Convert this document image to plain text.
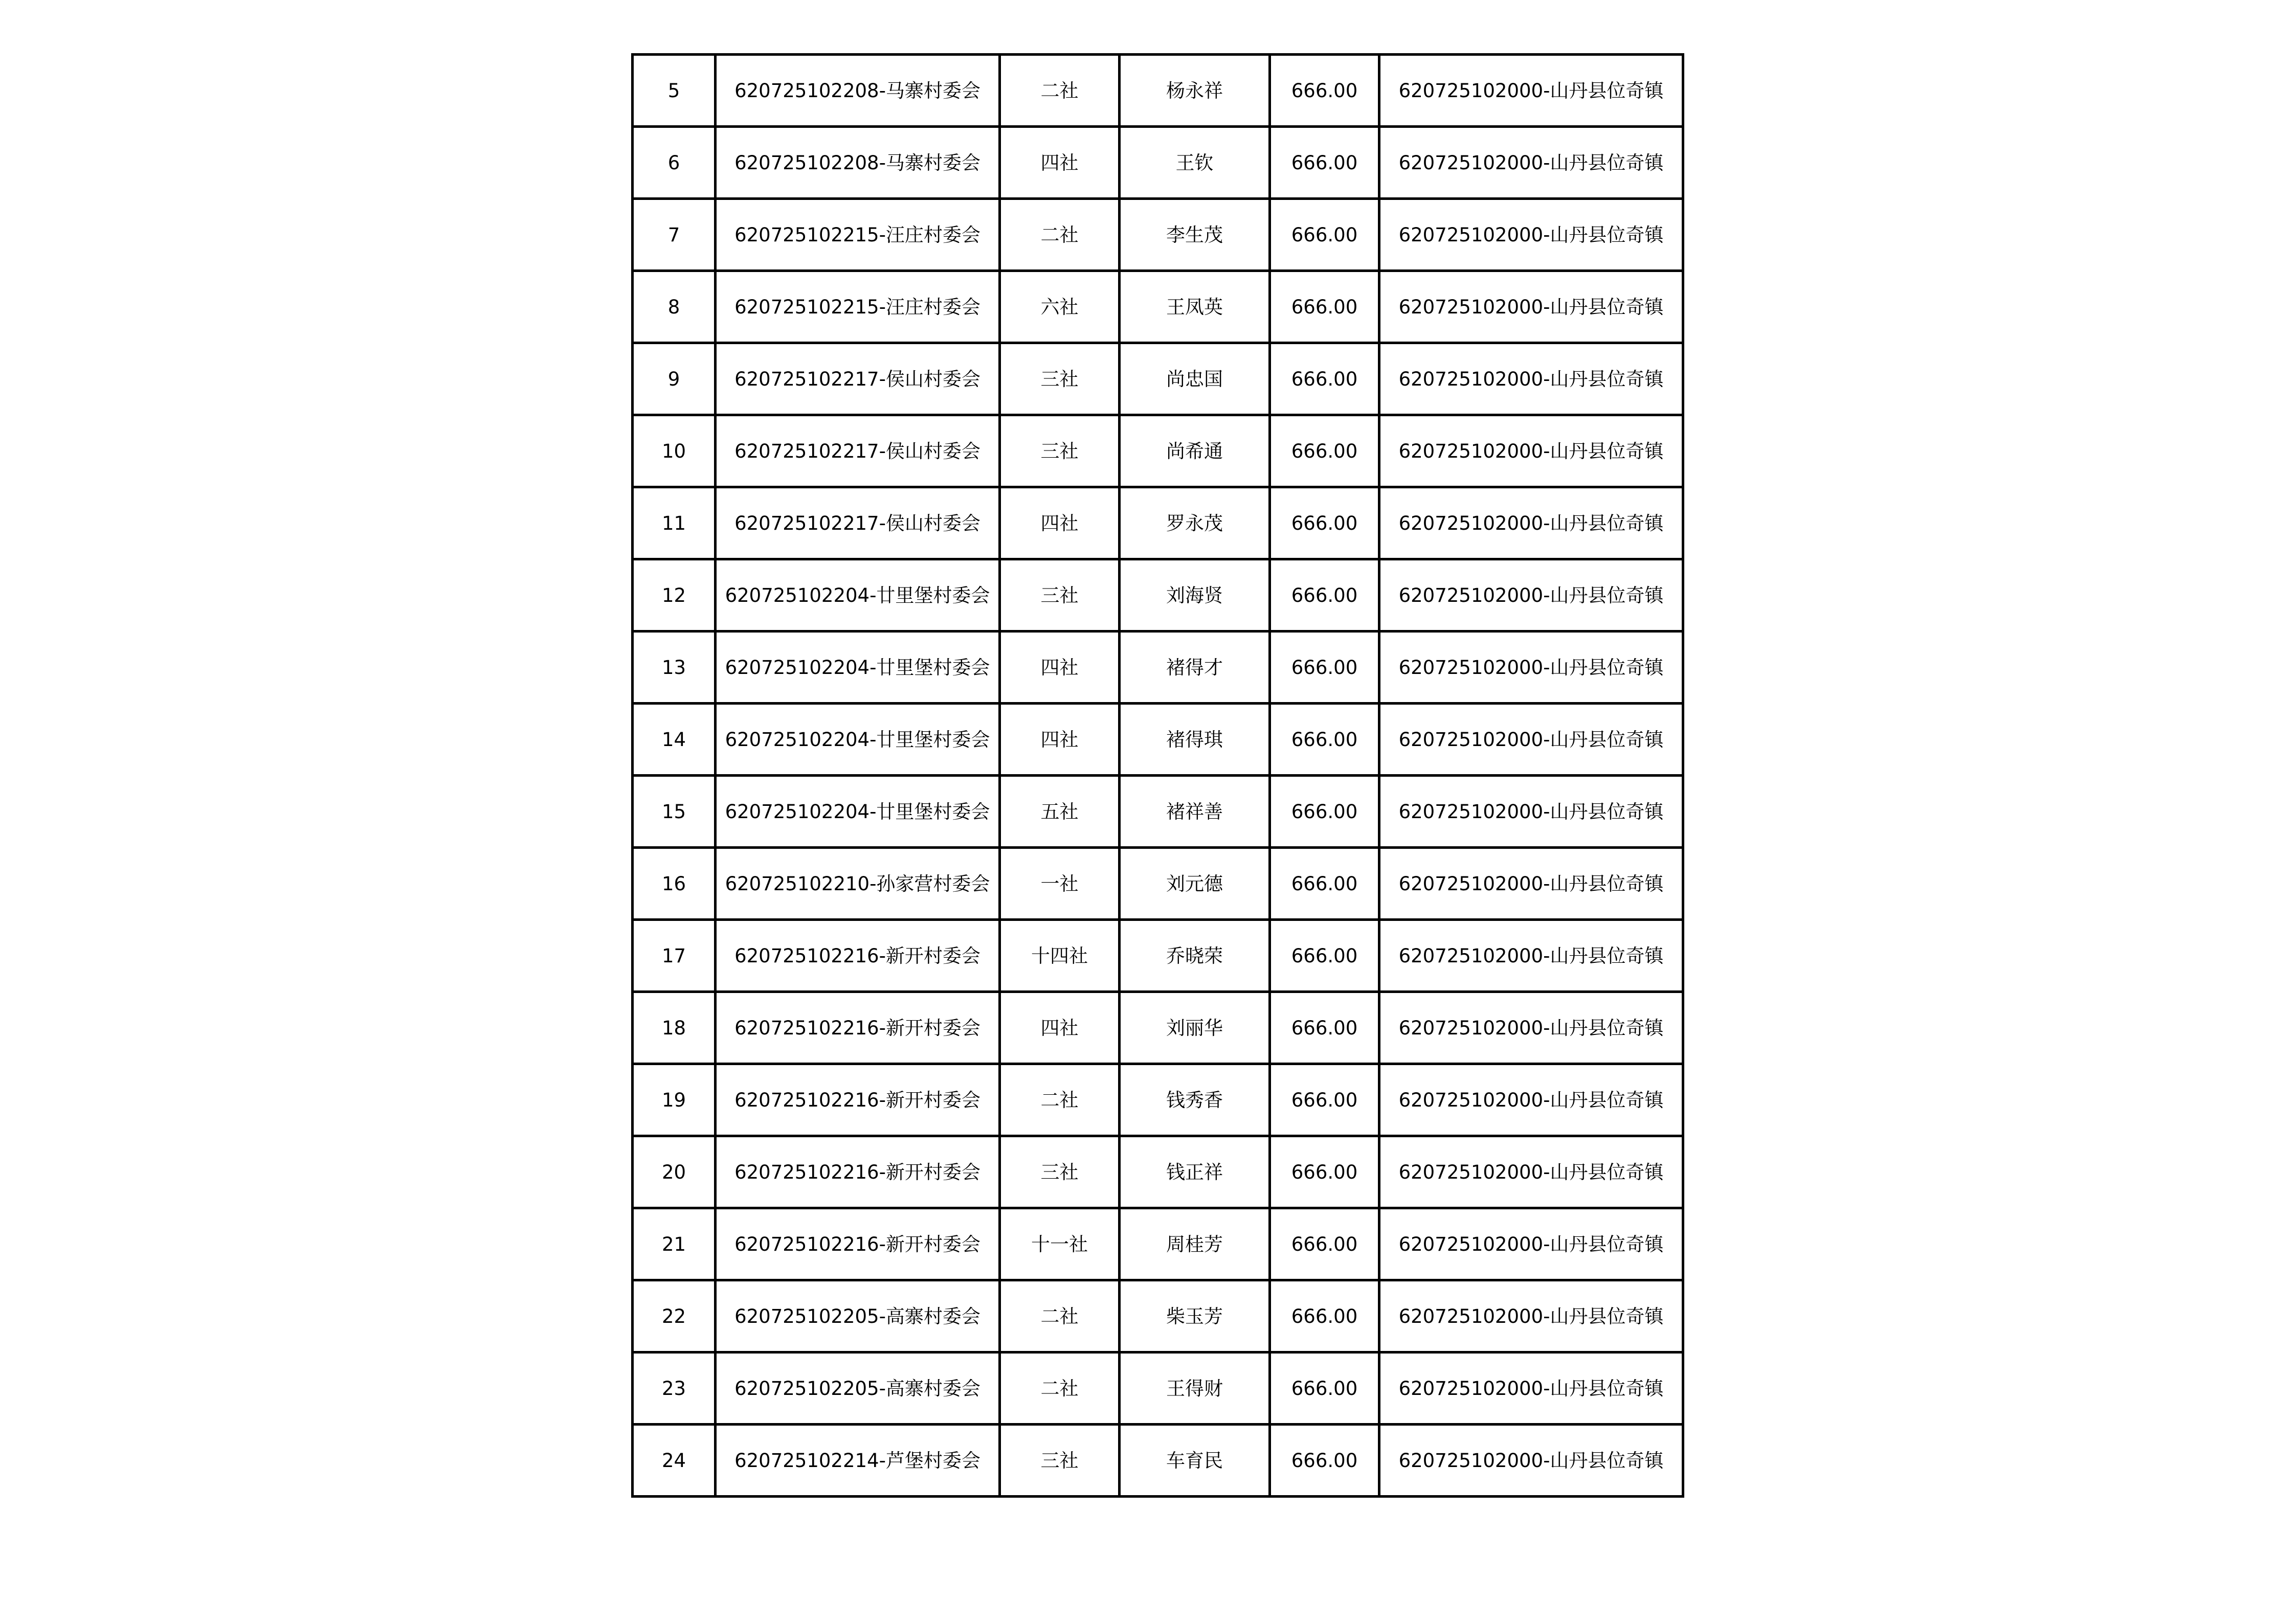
5	620725102208-马寨村委会	二社	杨永祥	666.00	620725102000-山丹县位奇镇
6	620725102208-马寨村委会	四社	王钦	666.00	620725102000-山丹县位奇镇
7	620725102215-汪庄村委会	二社	李生茂	666.00	620725102000-山丹县位奇镇
8	620725102215-汪庄村委会	六社	王凤英	666.00	620725102000-山丹县位奇镇
9	620725102217-侯山村委会	三社	尚忠国	666.00	620725102000-山丹县位奇镇
10	620725102217-侯山村委会	三社	尚希通	666.00	620725102000-山丹县位奇镇
11	620725102217-侯山村委会	四社	罗永茂	666.00	620725102000-山丹县位奇镇
12	620725102204-廿里堡村委会	三社	刘海贤	666.00	620725102000-山丹县位奇镇
13	620725102204-廿里堡村委会	四社	褚得才	666.00	620725102000-山丹县位奇镇
14	620725102204-廿里堡村委会	四社	褚得琪	666.00	620725102000-山丹县位奇镇
15	620725102204-廿里堡村委会	五社	褚祥善	666.00	620725102000-山丹县位奇镇
16	620725102210-孙家营村委会	一社	刘元德	666.00	620725102000-山丹县位奇镇
17	620725102216-新开村委会	十四社	乔晓荣	666.00	620725102000-山丹县位奇镇
18	620725102216-新开村委会	四社	刘丽华	666.00	620725102000-山丹县位奇镇
19	620725102216-新开村委会	二社	钱秀香	666.00	620725102000-山丹县位奇镇
20	620725102216-新开村委会	三社	钱正祥	666.00	620725102000-山丹县位奇镇
21	620725102216-新开村委会	十一社	周桂芳	666.00	620725102000-山丹县位奇镇
22	620725102205-高寨村委会	二社	柴玉芳	666.00	620725102000-山丹县位奇镇
23	620725102205-高寨村委会	二社	王得财	666.00	620725102000-山丹县位奇镇
24	620725102214-芦堡村委会	三社	车育民	666.00	620725102000-山丹县位奇镇
